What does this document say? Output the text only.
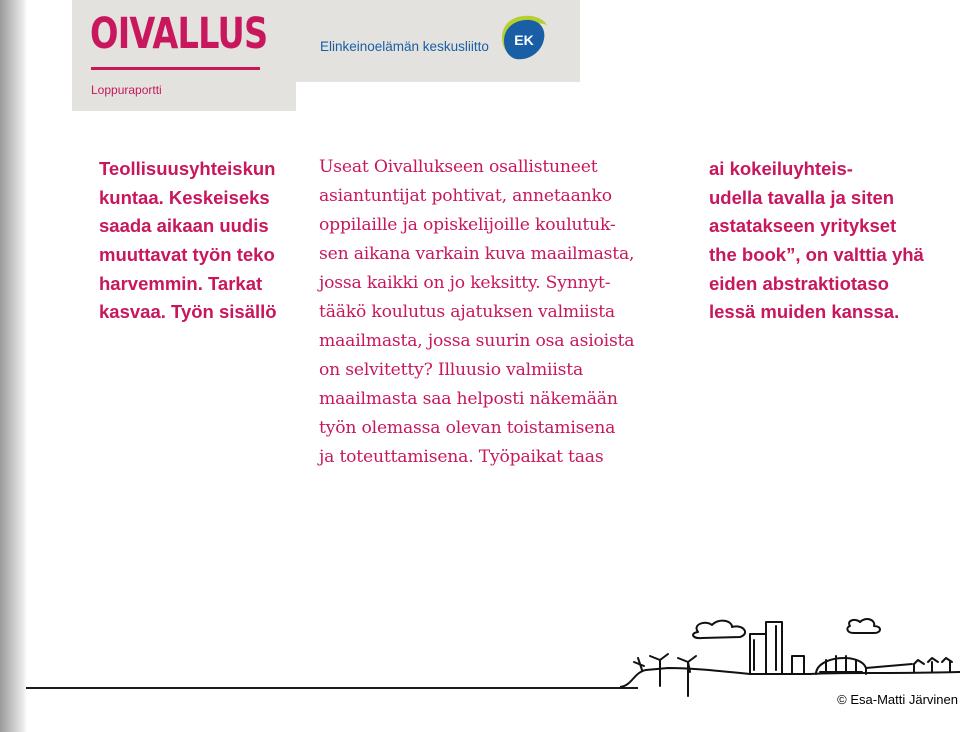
OIVALLUS
Loppuraportti
Elinkeinoelämän keskusliitto EK
Teollisuusyhteiskun
kuntaa. Keskeiseks
saada aikaan uudis
muuttavat työn teko
harvemmin. Tarkat
kasvaa. Työn sisällö
ai kokeiluyhteis-
udella tavalla ja siten
astatakseen yritykset
the book”, on valttia yhä
eiden abstraktiotaso
lessä muiden kanssa.
Useat Oivallukseen osallistuneet
asiantuntijat pohtivat, annetaanko
oppilaille ja opiskelijoille koulutuk-
sen aikana varkain kuva maailmasta,
jossa kaikki on jo keksitty. Synnyt-
tääkö koulutus ajatuksen valmiista
maailmasta, jossa suurin osa asioista
on selvitetty? Illuusio valmiista
maailmasta saa helposti näkemään
työn olemassa olevan toistamisena
ja toteuttamisena. Työpaikat taas
© Esa-Matti Järvinen
